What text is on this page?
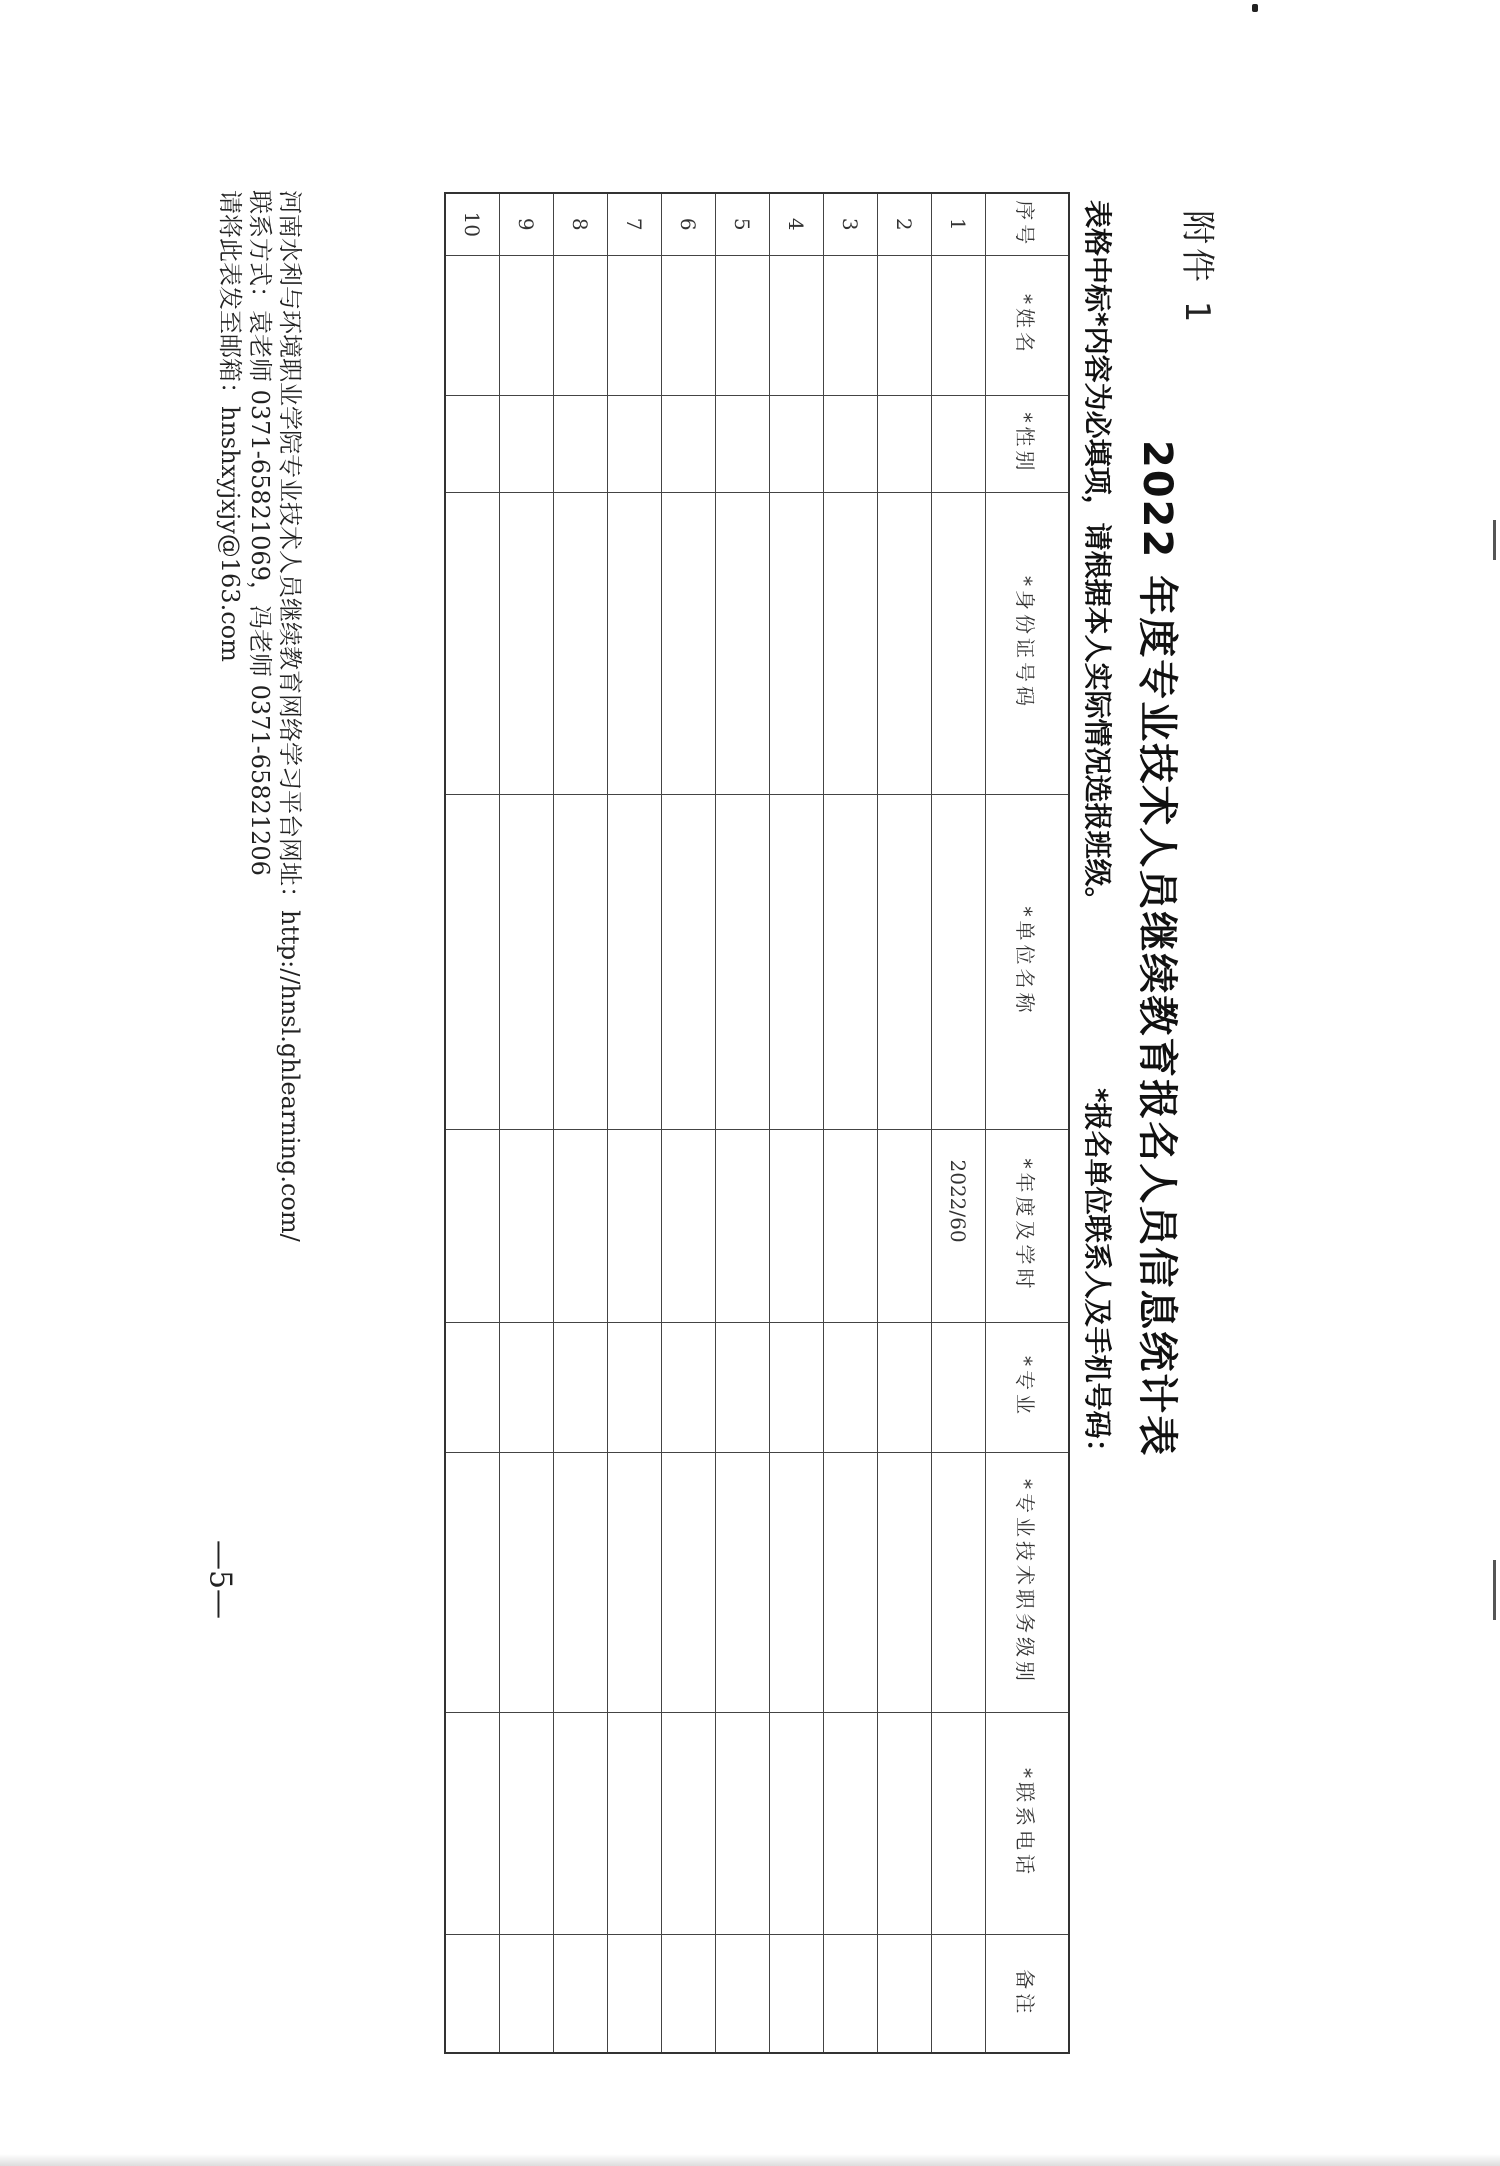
附件 1
2022 年度专业技术人员继续教育报名人员信息统计表
表格中标*内容为必填项，请根据本人实际情况选报班级。
*报名单位联系人及手机号码：
序号	*姓名	*性别	*身份证号码	*单位名称	*年度及学时	*专业	*专业技术职务级别	*联系电话	备注
1					2022/60				
2									
3									
4									
5									
6									
7									
8									
9									
10									
河南水利与环境职业学院专业技术人员继续教育网络学习平台网址：http://hnsl.ghlearning.com/
联系方式：袁老师 0371-65821069，冯老师 0371-65821206
请将此表发至邮箱：hnshxyjxjy@163.com
—5—
